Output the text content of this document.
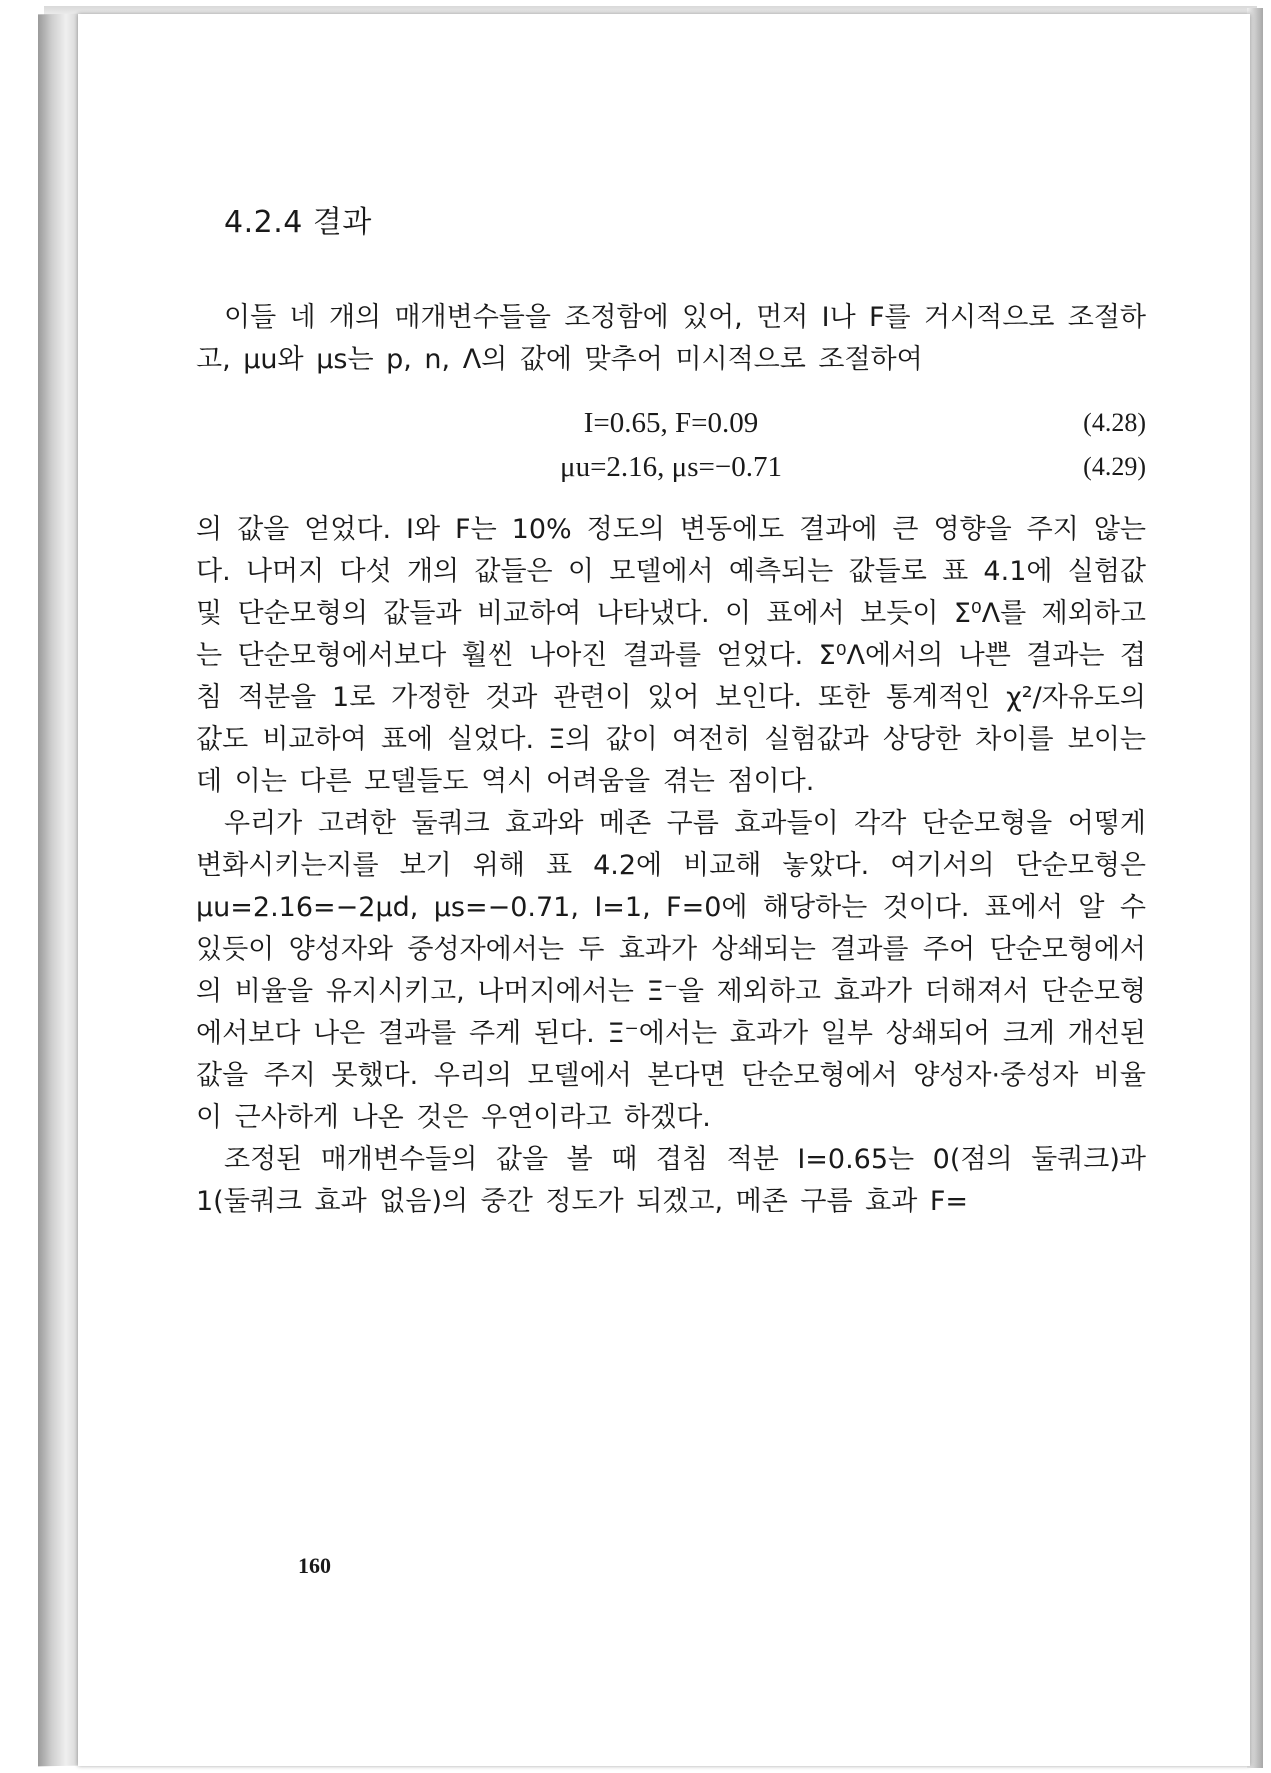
4.2.4 결과

이들 네 개의 매개변수들을 조정함에 있어, 먼저 I나 F를 거시적으로 조절하고, μu와 μs는 p, n, Λ의 값에 맞추어 미시적으로 조절하여

I=0.65, F=0.09	(4.28)
μu=2.16, μs=−0.71	(4.29)

의 값을 얻었다. I와 F는 10% 정도의 변동에도 결과에 큰 영향을 주지 않는다. 나머지 다섯 개의 값들은 이 모델에서 예측되는 값들로 표 4.1에 실험값 및 단순모형의 값들과 비교하여 나타냈다. 이 표에서 보듯이 Σ⁰Λ를 제외하고는 단순모형에서보다 훨씬 나아진 결과를 얻었다. Σ⁰Λ에서의 나쁜 결과는 겹침 적분을 1로 가정한 것과 관련이 있어 보인다. 또한 통계적인 χ²/자유도의 값도 비교하여 표에 실었다. Ξ의 값이 여전히 실험값과 상당한 차이를 보이는데 이는 다른 모델들도 역시 어려움을 겪는 점이다.

우리가 고려한 둘쿼크 효과와 메존 구름 효과들이 각각 단순모형을 어떻게 변화시키는지를 보기 위해 표 4.2에 비교해 놓았다. 여기서의 단순모형은 μu=2.16=−2μd, μs=−0.71, I=1, F=0에 해당하는 것이다. 표에서 알 수 있듯이 양성자와 중성자에서는 두 효과가 상쇄되는 결과를 주어 단순모형에서의 비율을 유지시키고, 나머지에서는 Ξ⁻을 제외하고 효과가 더해져서 단순모형에서보다 나은 결과를 주게 된다. Ξ⁻에서는 효과가 일부 상쇄되어 크게 개선된 값을 주지 못했다. 우리의 모델에서 본다면 단순모형에서 양성자·중성자 비율이 근사하게 나온 것은 우연이라고 하겠다.

조정된 매개변수들의 값을 볼 때 겹침 적분 I=0.65는 0(점의 둘쿼크)과 1(둘쿼크 효과 없음)의 중간 정도가 되겠고, 메존 구름 효과 F=

160
